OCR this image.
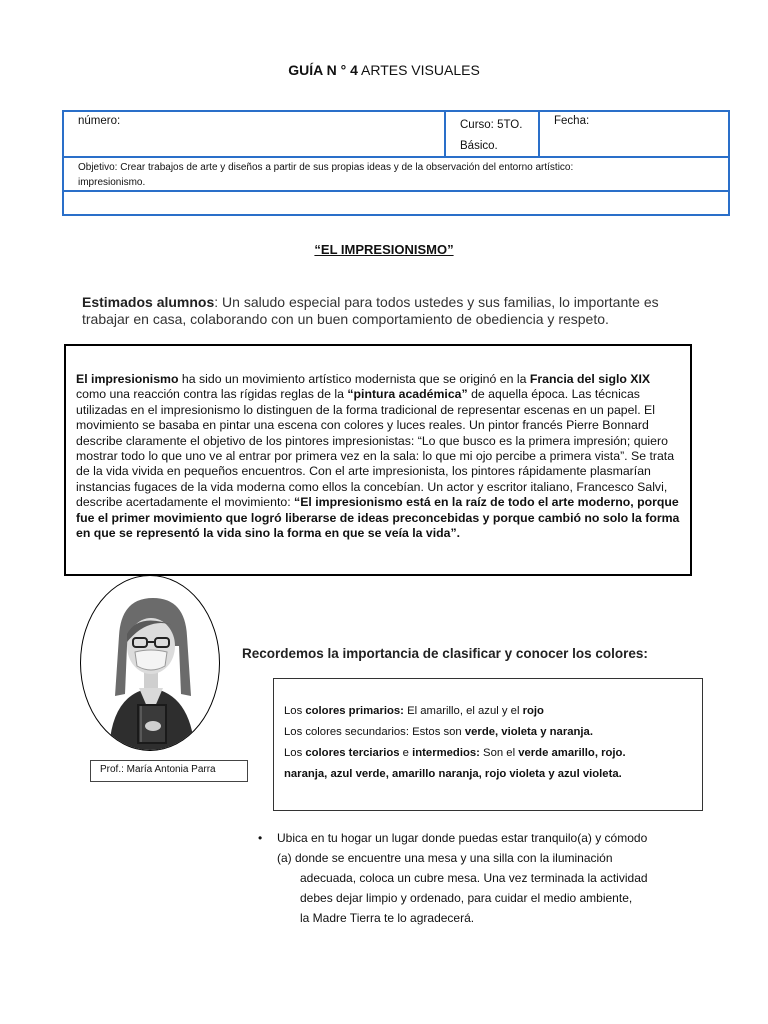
GUÍA N ° 4 ARTES VISUALES
número:	Curso: 5TO.
Básico.
Fecha:
Objetivo: Crear trabajos de arte y diseños a partir de sus propias ideas y de la observación del entorno artístico:
impresionismo.
“EL IMPRESIONISMO”
Estimados alumnos: Un saludo especial para todos ustedes y sus familias, lo importante es trabajar en casa, colaborando con un buen comportamiento de obediencia y respeto.
El impresionismo ha sido un movimiento artístico modernista que se originó en la Francia del siglo XIX como una reacción contra las rígidas reglas de la “pintura académica” de aquella época. Las técnicas utilizadas en el impresionismo lo distinguen de la forma tradicional de representar escenas en un papel. El movimiento se basaba en pintar una escena con colores y luces reales. Un pintor francés Pierre Bonnard describe claramente el objetivo de los pintores impresionistas: “Lo que busco es la primera impresión; quiero mostrar todo lo que uno ve al entrar por primera vez en la sala: lo que mi ojo percibe a primera vista”. Se trata de la vida vivida en pequeños encuentros. Con el arte impresionista, los pintores rápidamente plasmarían instancias fugaces de la vida moderna como ellos la concebían. Un actor y escritor italiano, Francesco Salvi, describe acertadamente el movimiento: “El impresionismo está en la raíz de todo el arte moderno, porque fue el primer movimiento que logró liberarse de ideas preconcebidas y porque cambió no solo la forma en que se representó la vida sino la forma en que se veía la vida”.
Prof.: María Antonia Parra
Recordemos la importancia de clasificar y conocer los colores:
Los colores primarios: El amarillo, el azul y el rojo
Los colores secundarios: Estos son verde, violeta y naranja.
Los colores terciarios e intermedios: Son el verde amarillo, rojo.
naranja, azul verde, amarillo naranja, rojo violeta y azul violeta.
• Ubica en tu hogar un lugar donde puedas estar tranquilo(a) y cómodo
(a) donde se encuentre una mesa y una silla con la iluminación
adecuada, coloca un cubre mesa. Una vez terminada la actividad
debes dejar limpio y ordenado, para cuidar el medio ambiente,
la Madre Tierra te lo agradecerá.
